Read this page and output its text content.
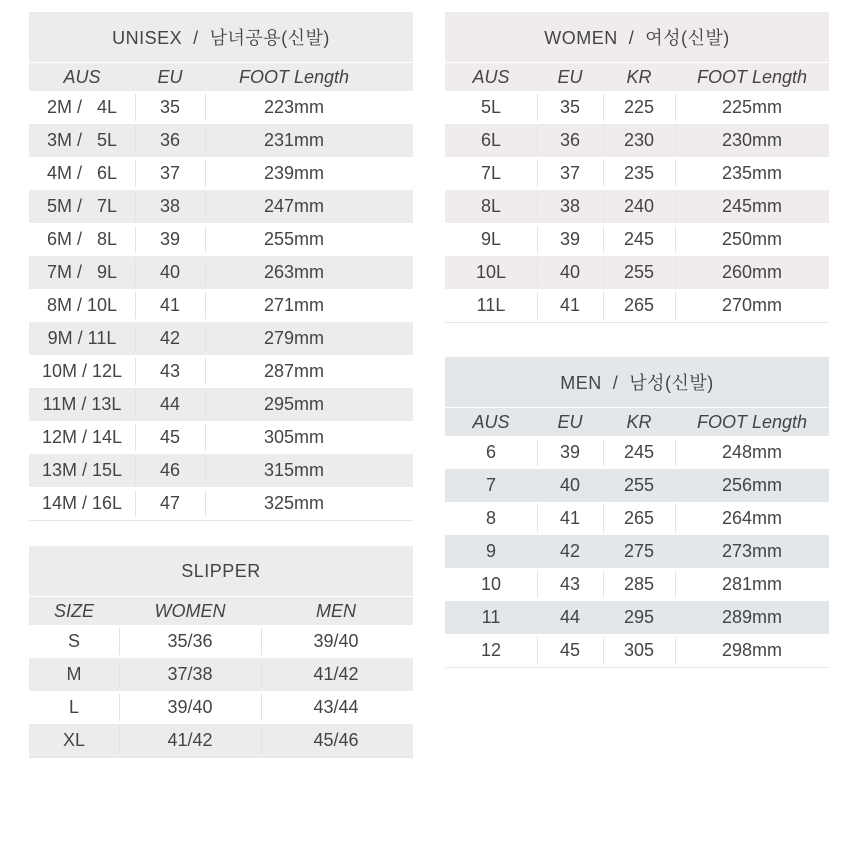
UNISEX  /  남녀공용(신발)
AUS	EU	FOOT Length
2M /   4L	35	223mm
3M /   5L	36	231mm
4M /   6L	37	239mm
5M /   7L	38	247mm
6M /   8L	39	255mm
7M /   9L	40	263mm
8M / 10L	41	271mm
9M / 11L	42	279mm
10M / 12L	43	287mm
11M / 13L	44	295mm
12M / 14L	45	305mm
13M / 15L	46	315mm
14M / 16L	47	325mm
SLIPPER
SIZE	WOMEN	MEN
S	35/36	39/40
M	37/38	41/42
L	39/40	43/44
XL	41/42	45/46
WOMEN  /  여성(신발)
AUS	EU	KR	FOOT Length
5L	35	225	225mm
6L	36	230	230mm
7L	37	235	235mm
8L	38	240	245mm
9L	39	245	250mm
10L	40	255	260mm
11L	41	265	270mm
MEN  /  남성(신발)
AUS	EU	KR	FOOT Length
6	39	245	248mm
7	40	255	256mm
8	41	265	264mm
9	42	275	273mm
10	43	285	281mm
11	44	295	289mm
12	45	305	298mm
